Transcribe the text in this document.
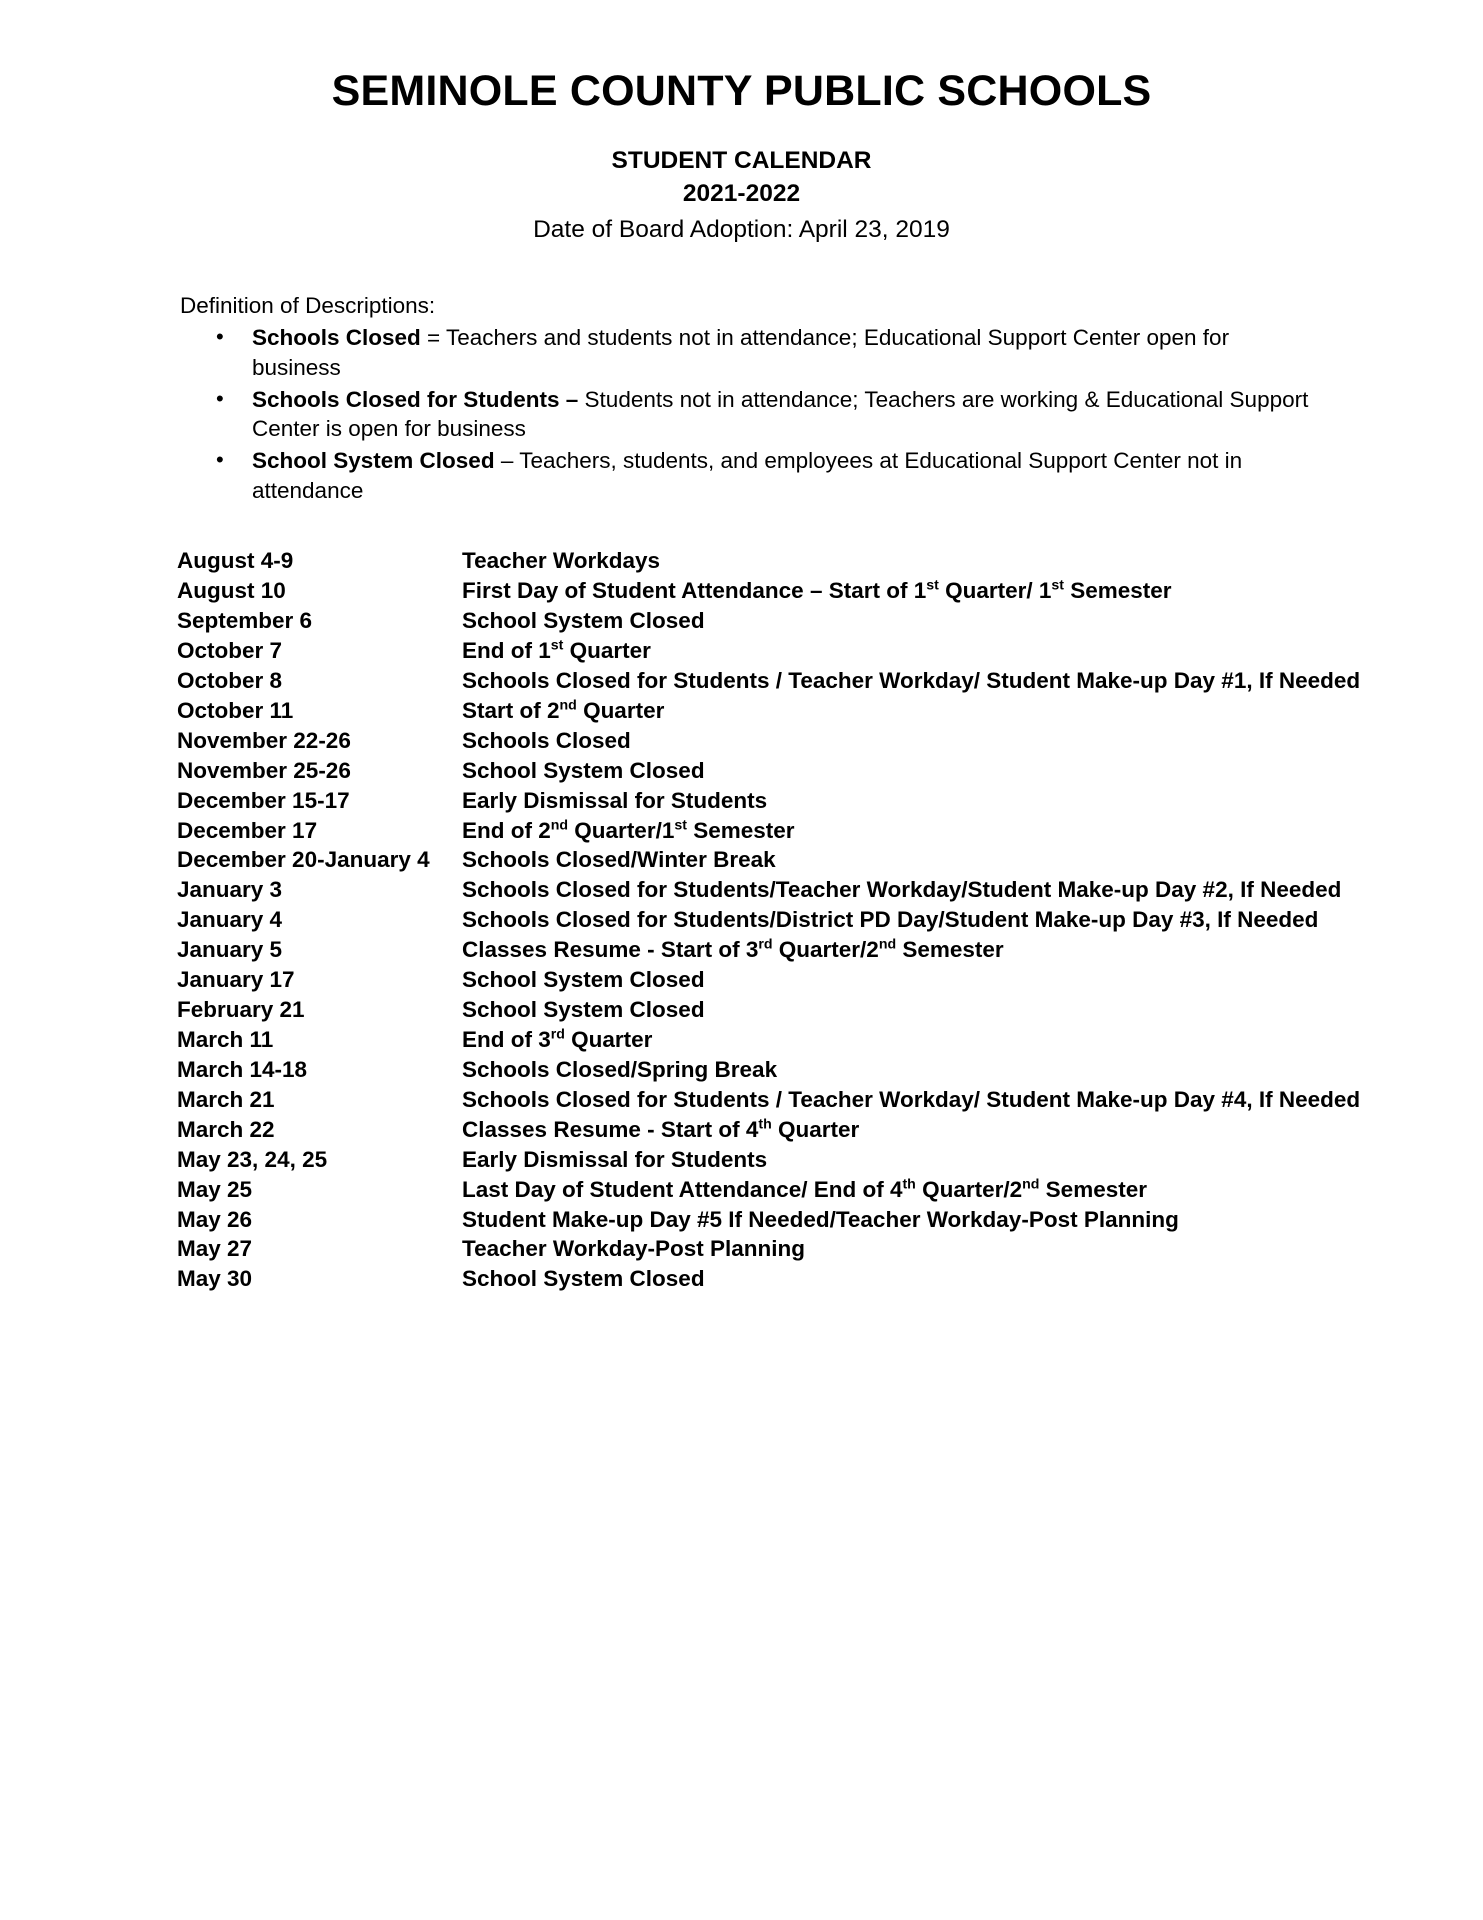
SEMINOLE COUNTY PUBLIC SCHOOLS
STUDENT CALENDAR
2021-2022
Date of Board Adoption: April 23, 2019
Definition of Descriptions:
• Schools Closed = Teachers and students not in attendance; Educational Support Center open for business
• Schools Closed for Students – Students not in attendance; Teachers are working & Educational Support Center is open for business
• School System Closed – Teachers, students, and employees at Educational Support Center not in attendance
August 4-9	Teacher Workdays
August 10	First Day of Student Attendance – Start of 1st Quarter/ 1st Semester
September 6	School System Closed
October 7	End of 1st Quarter
October 8	Schools Closed for Students / Teacher Workday/ Student Make-up Day #1, If Needed
October 11	Start of 2nd Quarter
November 22-26	Schools Closed
November 25-26	School System Closed
December 15-17	Early Dismissal for Students
December 17	End of 2nd Quarter/1st Semester
December 20-January 4	Schools Closed/Winter Break
January 3	Schools Closed for Students/Teacher Workday/Student Make-up Day #2, If Needed
January 4	Schools Closed for Students/District PD Day/Student Make-up Day #3, If Needed
January 5	Classes Resume - Start of 3rd Quarter/2nd Semester
January 17	School System Closed
February 21	School System Closed
March 11	End of 3rd Quarter
March 14-18	Schools Closed/Spring Break
March 21	Schools Closed for Students / Teacher Workday/ Student Make-up Day #4, If Needed
March 22	Classes Resume - Start of 4th Quarter
May 23, 24, 25	Early Dismissal for Students
May 25	Last Day of Student Attendance/ End of 4th Quarter/2nd Semester
May 26	Student Make-up Day #5 If Needed/Teacher Workday-Post Planning
May 27	Teacher Workday-Post Planning
May 30	School System Closed
